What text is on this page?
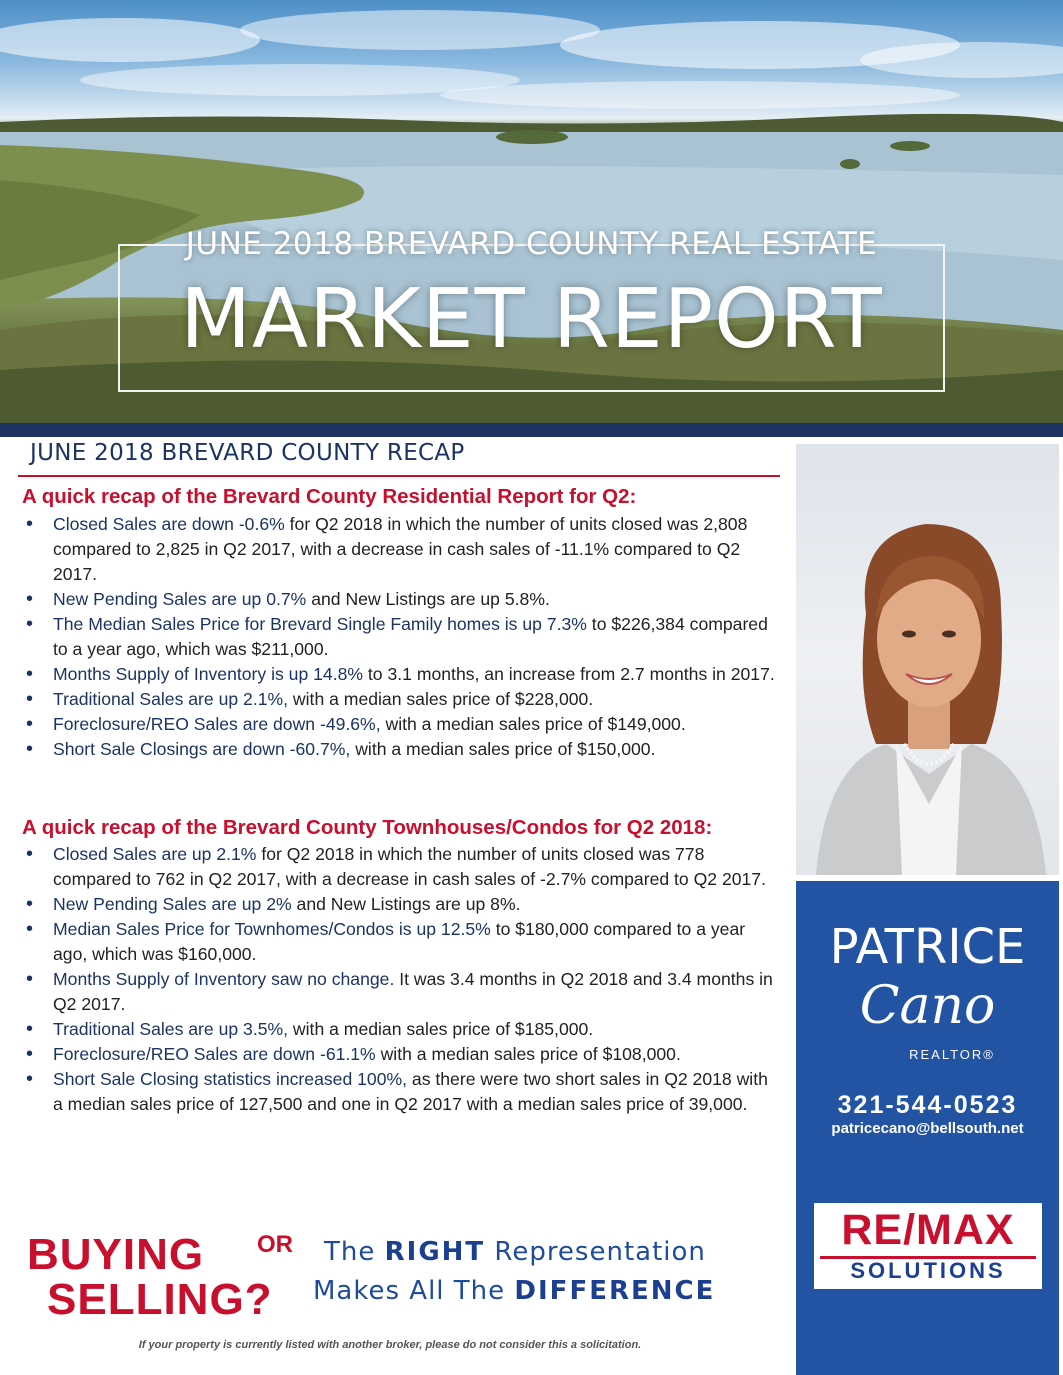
JUNE 2018 BREVARD COUNTY REAL ESTATE
MARKET REPORT
JUNE 2018 BREVARD COUNTY RECAP
A quick recap of the Brevard County Residential Report for Q2:
• Closed Sales are down -0.6% for Q2 2018 in which the number of units closed was 2,808 compared to 2,825 in Q2 2017, with a decrease in cash sales of -11.1% compared to Q2 2017.
• New Pending Sales are up 0.7% and New Listings are up 5.8%.
• The Median Sales Price for Brevard Single Family homes is up 7.3% to $226,384 compared to a year ago, which was $211,000.
• Months Supply of Inventory is up 14.8% to 3.1 months, an increase from 2.7 months in 2017.
• Traditional Sales are up 2.1%, with a median sales price of $228,000.
• Foreclosure/REO Sales are down -49.6%, with a median sales price of $149,000.
• Short Sale Closings are down -60.7%, with a median sales price of $150,000.
A quick recap of the Brevard County Townhouses/Condos for Q2 2018:
• Closed Sales are up 2.1% for Q2 2018 in which the number of units closed was 778 compared to 762 in Q2 2017, with a decrease in cash sales of -2.7% compared to Q2 2017.
• New Pending Sales are up 2% and New Listings are up 8%.
• Median Sales Price for Townhomes/Condos is up 12.5% to $180,000 compared to a year ago, which was $160,000.
• Months Supply of Inventory saw no change. It was 3.4 months in Q2 2018 and 3.4 months in Q2 2017.
• Traditional Sales are up 3.5%, with a median sales price of $185,000.
• Foreclosure/REO Sales are down -61.1% with a median sales price of $108,000.
• Short Sale Closing statistics increased 100%, as there were two short sales in Q2 2018 with a median sales price of 127,500 and one in Q2 2017 with a median sales price of 39,000.
BUYING OR
SELLING?
The RIGHT Representation
Makes All The DIFFERENCE
If your property is currently listed with another broker, please do not consider this a solicitation.
PATRICE
Cano
REALTOR®
321-544-0523
patricecano@bellsouth.net
RE/MAX
SOLUTIONS
